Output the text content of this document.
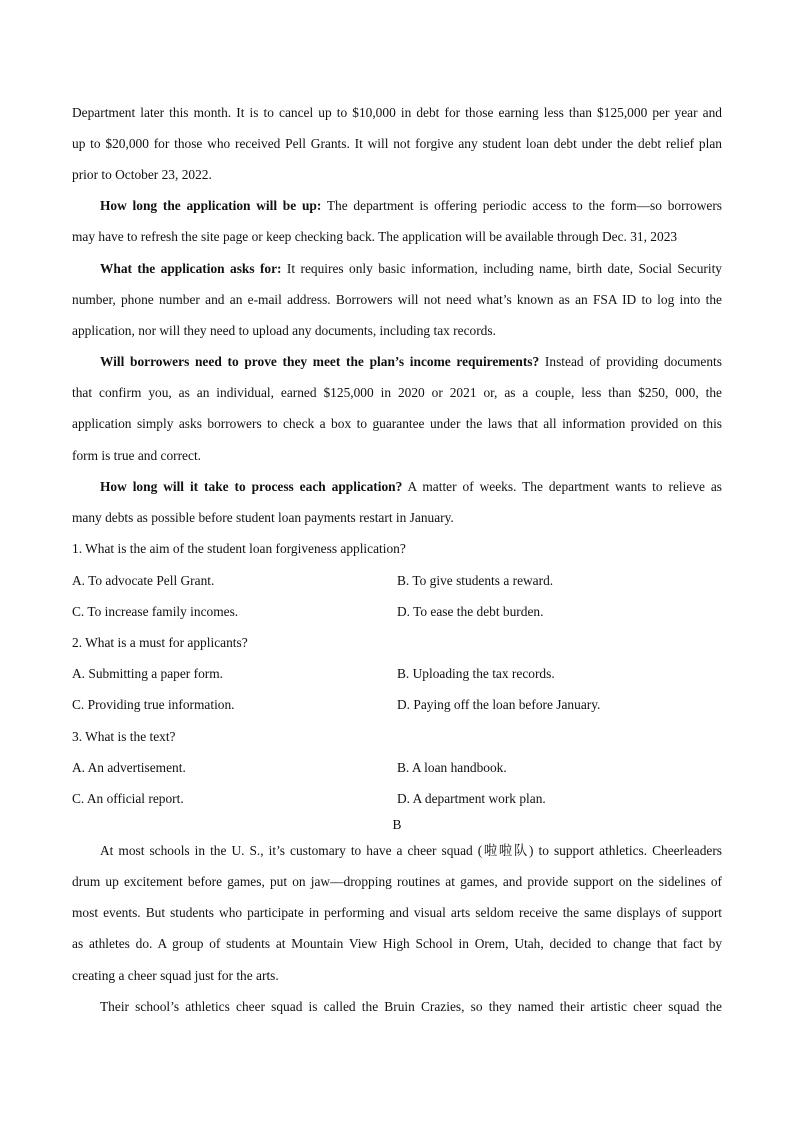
Department later this month. It is to cancel up to $10,000 in debt for those earning less than $125,000 per year and
up to $20,000 for those who received Pell Grants. It will not forgive any student loan debt under the debt relief plan
prior to October 23, 2022.
How long the application will be up: The department is offering periodic access to the form—so borrowers
may have to refresh the site page or keep checking back. The application will be available through Dec. 31, 2023
What the application asks for: It requires only basic information, including name, birth date, Social Security
number, phone number and an e-mail address. Borrowers will not need what’s known as an FSA ID to log into the
application, nor will they need to upload any documents, including tax records.
Will borrowers need to prove they meet the plan’s income requirements? Instead of providing documents
that confirm you, as an individual, earned $125,000 in 2020 or 2021 or, as a couple, less than $250, 000, the
application simply asks borrowers to check a box to guarantee under the laws that all information provided on this
form is true and correct.
How long will it take to process each application? A matter of weeks. The department wants to relieve as
many debts as possible before student loan payments restart in January.
1. What is the aim of the student loan forgiveness application?
A. To advocate Pell Grant.	B. To give students a reward.
C. To increase family incomes.	D. To ease the debt burden.
2. What is a must for applicants?
A. Submitting a paper form.	B. Uploading the tax records.
C. Providing true information.	D. Paying off the loan before January.
3. What is the text?
A. An advertisement.	B. A loan handbook.
C. An official report.	D. A department work plan.
B
At most schools in the U. S., it’s customary to have a cheer squad (啦啦队) to support athletics. Cheerleaders
drum up excitement before games, put on jaw—dropping routines at games, and provide support on the sidelines of
most events. But students who participate in performing and visual arts seldom receive the same displays of support
as athletes do. A group of students at Mountain View High School in Orem, Utah, decided to change that fact by
creating a cheer squad just for the arts.
Their school’s athletics cheer squad is called the Bruin Crazies, so they named their artistic cheer squad the
